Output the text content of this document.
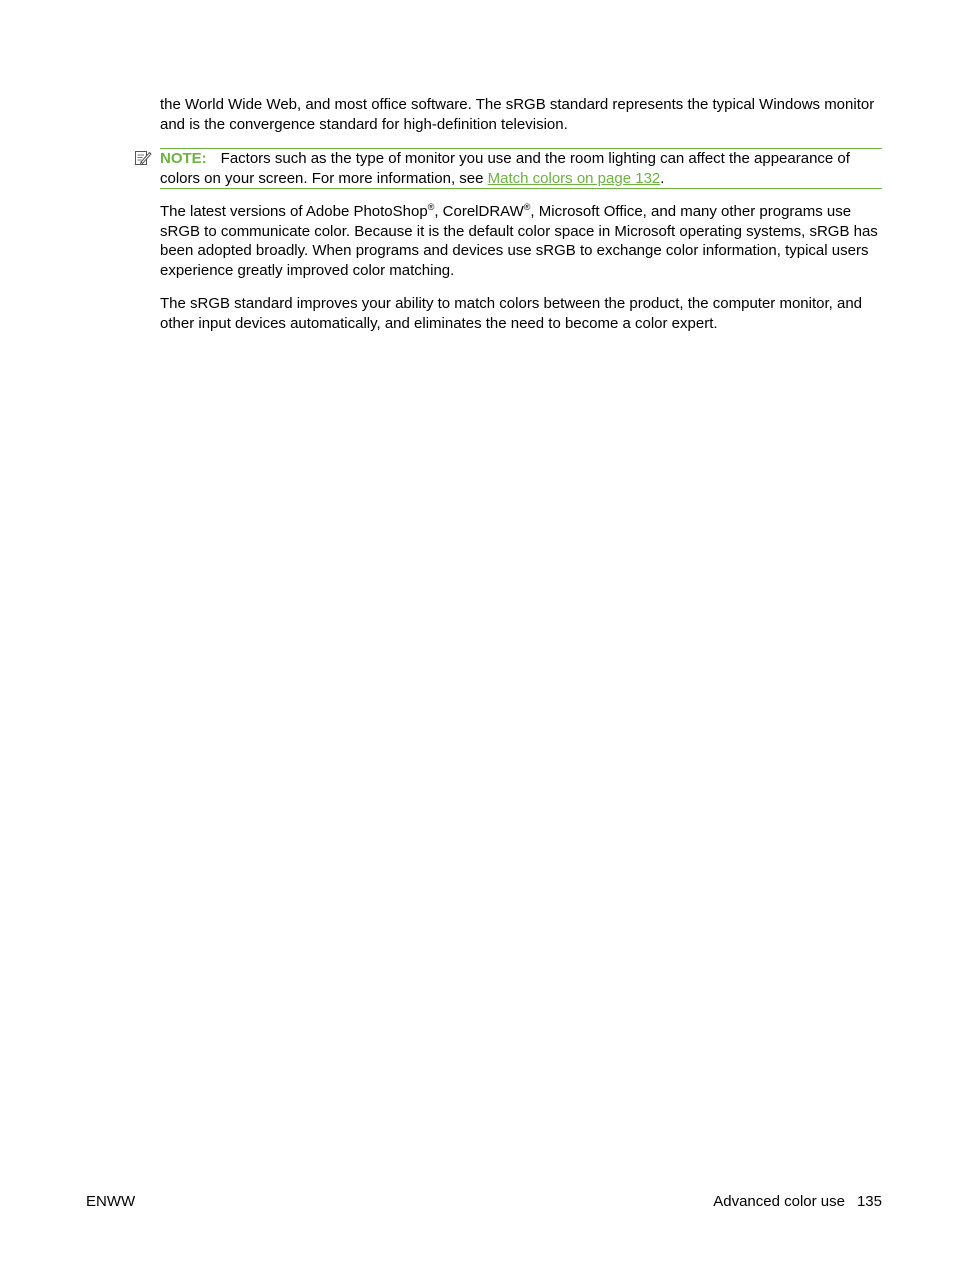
the World Wide Web, and most office software. The sRGB standard represents the typical Windows monitor and is the convergence standard for high-definition television.

NOTE: Factors such as the type of monitor you use and the room lighting can affect the appearance of colors on your screen. For more information, see Match colors on page 132.

The latest versions of Adobe PhotoShop®, CorelDRAW®, Microsoft Office, and many other programs use sRGB to communicate color. Because it is the default color space in Microsoft operating systems, sRGB has been adopted broadly. When programs and devices use sRGB to exchange color information, typical users experience greatly improved color matching.

The sRGB standard improves your ability to match colors between the product, the computer monitor, and other input devices automatically, and eliminates the need to become a color expert.

ENWW	Advanced color use 135
